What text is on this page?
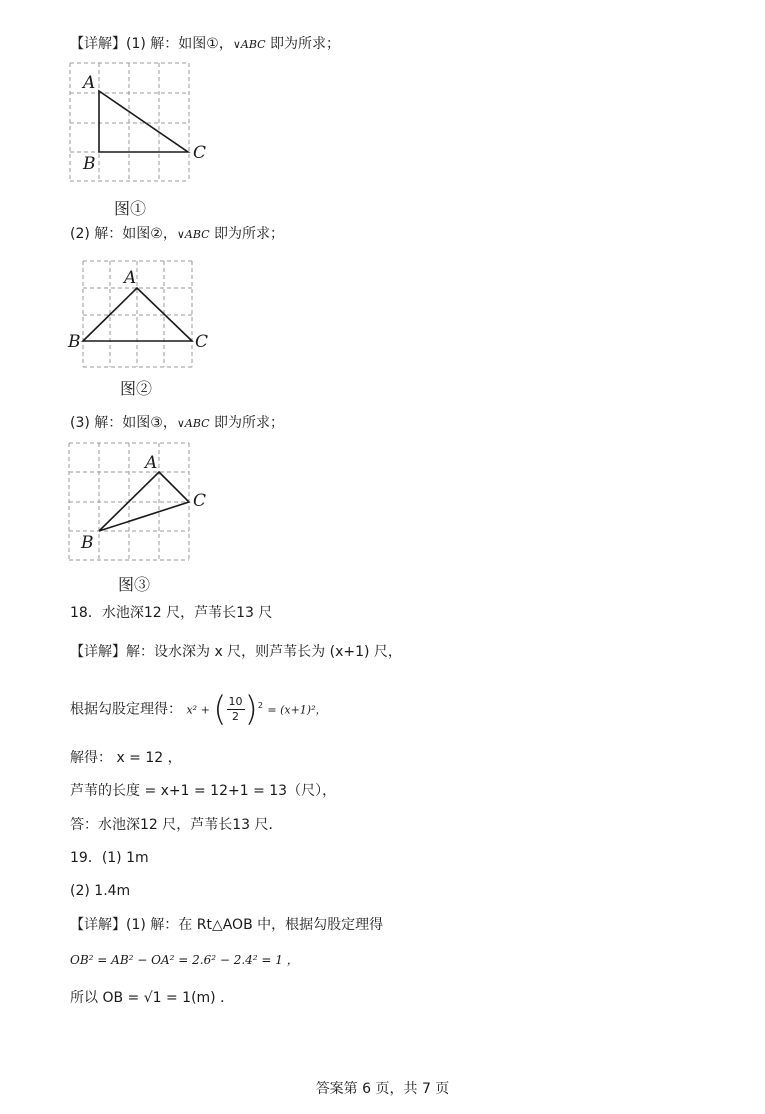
【详解】(1) 解：如图①，∨ABC 即为所求；
A
B
C
图①
(2) 解：如图②，∨ABC 即为所求；
A
B	C
图②
(3) 解：如图③，∨ABC 即为所求；
A
B
C
图③
18．水池深12 尺，芦苇长13 尺
【详解】解：设水深为 x 尺，则芦苇长为 (x+1) 尺，
根据勾股定理得： x² + ( $\frac{10}{2} )^2 = (x+1)^2$，
解得： x = 12 ，
芦苇的长度 = x+1 = 12+1 = 13（尺），
答：水池深12 尺，芦苇长13 尺．
19．(1) 1m
(2) 1.4m
【详解】(1) 解：在 Rt△AOB 中，根据勾股定理得
OB² = AB² − OA² = 2.6² − 2.4² = 1 ，
所以 OB = √1 = 1(m) ．
答案第 6 页，共 7 页
